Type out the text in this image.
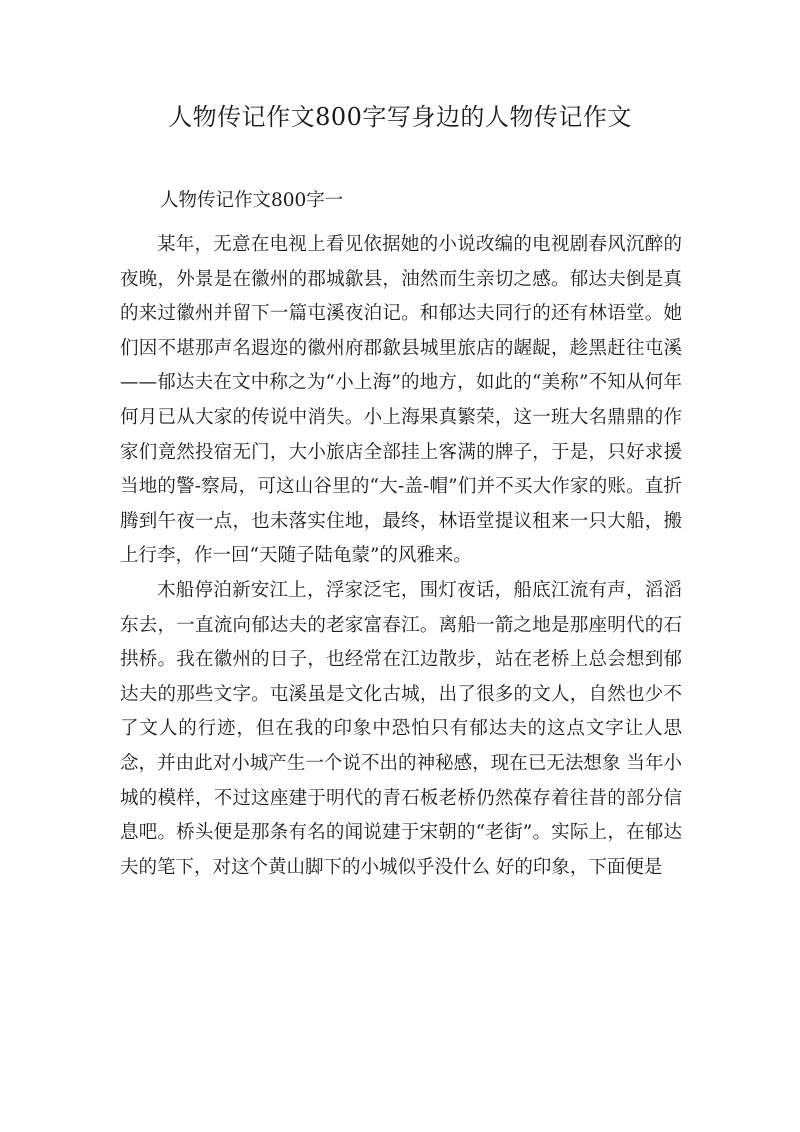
人物传记作文800字写身边的人物传记作文
人物传记作文800字一

某年，无意在电视上看见依据她的小说改编的电视剧春风沉醉的夜晚，外景是在徽州的郡城歙县，油然而生亲切之感。郁达夫倒是真的来过徽州并留下一篇屯溪夜泊记。和郁达夫同行的还有林语堂。她们因不堪那声名遐迩的徽州府郡歙县城里旅店的龌龊，趁黑赶往屯溪——郁达夫在文中称之为“小上海”的地方，如此的“美称”不知从何年何月已从大家的传说中消失。小上海果真繁荣，这一班大名鼎鼎的作家们竟然投宿无门，大小旅店全部挂上客满的牌子，于是，只好求援当地的警-察局，可这山谷里的“大-盖-帽”们并不买大作家的账。直折腾到午夜一点，也未落实住地，最终，林语堂提议租来一只大船，搬上行李，作一回“天随子陆龟蒙”的风雅来。

木船停泊新安江上，浮家泛宅，围灯夜话，船底江流有声，滔滔东去，一直流向郁达夫的老家富春江。离船一箭之地是那座明代的石拱桥。我在徽州的日子，也经常在江边散步，站在老桥上总会想到郁达夫的那些文字。屯溪虽是文化古城，出了很多的文人，自然也少不了文人的行迹，但在我的印象中恐怕只有郁达夫的这点文字让人思念，并由此对小城产生一个说不出的神秘感，现在已无法想象 当年小城的模样，不过这座建于明代的青石板老桥仍然葆存着往昔的部分信息吧。桥头便是那条有名的闻说建于宋朝的“老街”。实际上，在郁达夫的笔下，对这个黄山脚下的小城似乎没什么 好的印象，下面便是
